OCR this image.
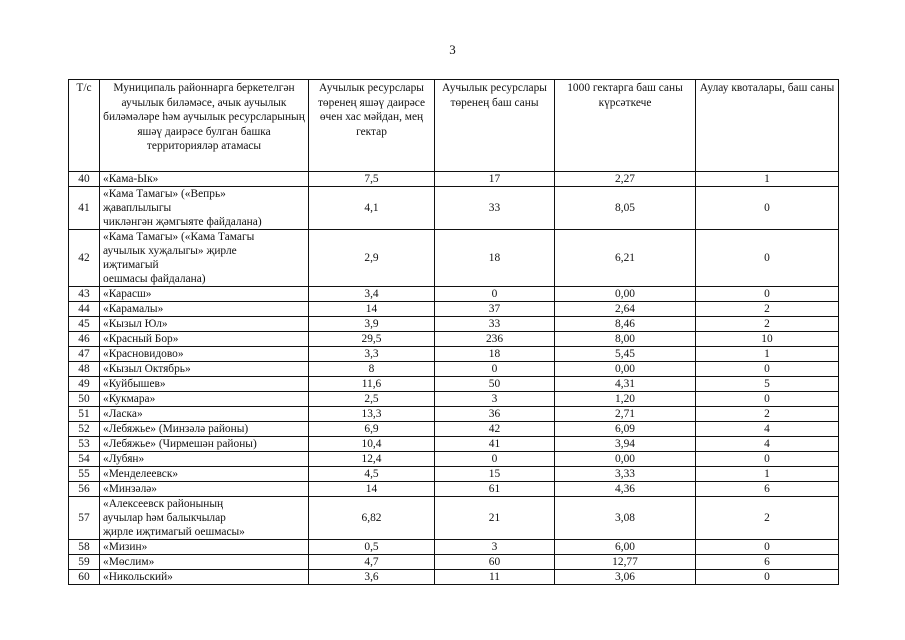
3
Т/с	Муниципаль районнарга беркетелгән аучылык биләмәсе, ачык аучылык биләмәләре һәм аучылык ресурсларының яшәү даирәсе булган башка территорияләр атамасы	Аучылык ресурслары төренең яшәү даирәсе өчен хас мәйдан, мең гектар	Аучылык ресурслары төренең баш саны	1000 гектарга баш саны күрсәткече	Аулау квоталары, баш саны
40	«Кама-Ык»	7,5	17	2,27	1
41	«Кама Тамагы» («Вепрь»
җаваплылыгы
чикләнгән җәмгыяте файдалана)	4,1	33	8,05	0
42	«Кама Тамагы» («Кама Тамагы
аучылык хуҗалыгы» җирле
иҗтимагый
оешмасы файдалана)	2,9	18	6,21	0
43	«Карасш»	3,4	0	0,00	0
44	«Карамалы»	14	37	2,64	2
45	«Кызыл Юл»	3,9	33	8,46	2
46	«Красный Бор»	29,5	236	8,00	10
47	«Красновидово»	3,3	18	5,45	1
48	«Кызыл Октябрь»	8	0	0,00	0
49	«Куйбышев»	11,6	50	4,31	5
50	«Кукмара»	2,5	3	1,20	0
51	«Ласка»	13,3	36	2,71	2
52	«Лебяжье» (Минзәлә районы)	6,9	42	6,09	4
53	«Лебяжье» (Чирмешән районы)	10,4	41	3,94	4
54	«Лубян»	12,4	0	0,00	0
55	«Менделеевск»	4,5	15	3,33	1
56	«Минзәлә»	14	61	4,36	6
57	«Алексеевск районының
аучылар һәм балыкчылар
җирле иҗтимагый оешмасы»	6,82	21	3,08	2
58	«Мизин»	0,5	3	6,00	0
59	«Мөслим»	4,7	60	12,77	6
60	«Никольский»	3,6	11	3,06	0
